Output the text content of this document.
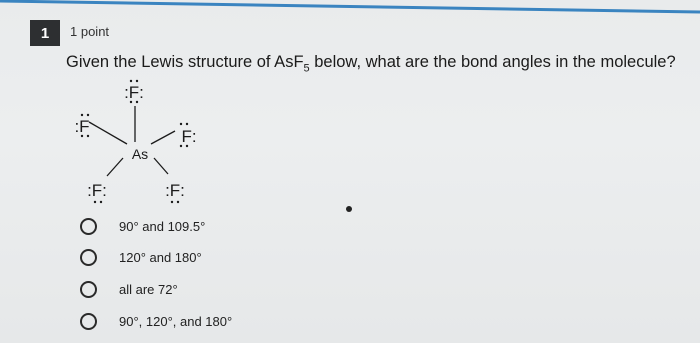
1	1 point
Given the Lewis structure of AsF$_5$ below, what are the bond angles in the molecule?
:F:
:F
F:
As
:F:	:F:
90° and 109.5°
120° and 180°
all are 72°
90°, 120°, and 180°
